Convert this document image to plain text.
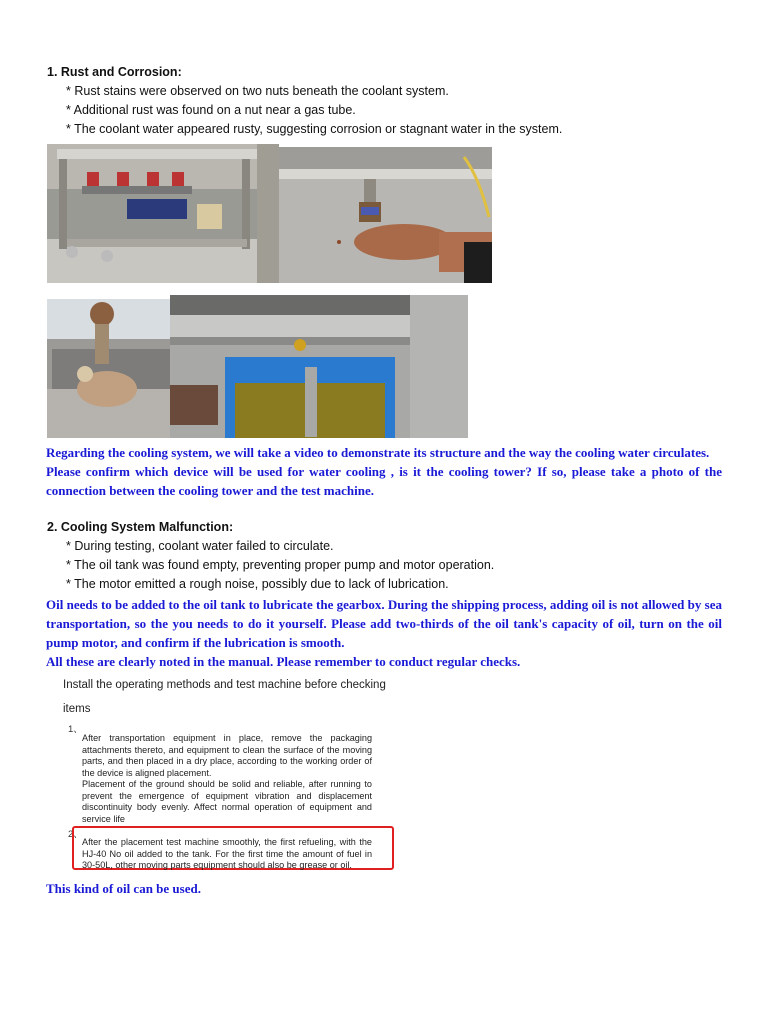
1. Rust and Corrosion:
* Rust stains were observed on two nuts beneath the coolant system.
* Additional rust was found on a nut near a gas tube.
* The coolant water appeared rusty, suggesting corrosion or stagnant water in the system.

Regarding the cooling system, we will take a video to demonstrate its structure and the way the cooling water circulates.

Please confirm which device will be used for water cooling , is it the cooling tower? If so, please take a photo of the connection between the cooling tower and the test machine.

2. Cooling System Malfunction:
* During testing, coolant water failed to circulate.
* The oil tank was found empty, preventing proper pump and motor operation.
* The motor emitted a rough noise, possibly due to lack of lubrication.

Oil needs to be added to the oil tank to lubricate the gearbox. During the shipping process, adding oil is not allowed by sea transportation, so the you needs to do it yourself. Please add two-thirds of the oil tank's capacity of oil, turn on the oil pump motor, and confirm if the lubrication is smooth.

All these are clearly noted in the manual. Please remember to conduct regular checks.

Install the operating methods and test machine before checking
items
1、
After transportation equipment in place, remove the packaging attachments thereto, and equipment to clean the surface of the moving parts, and then placed in a dry place, according to the working order of the device is aligned placement.
Placement of the ground should be solid and reliable, after running to prevent the emergence of equipment vibration and displacement discontinuity body evenly. Affect normal operation of equipment and service life
2、
After the placement test machine smoothly, the first refueling, with the HJ-40 No oil added to the tank. For the first time the amount of fuel in 30-50L, other moving parts equipment should also be grease or oil.
This kind of oil can be used.
